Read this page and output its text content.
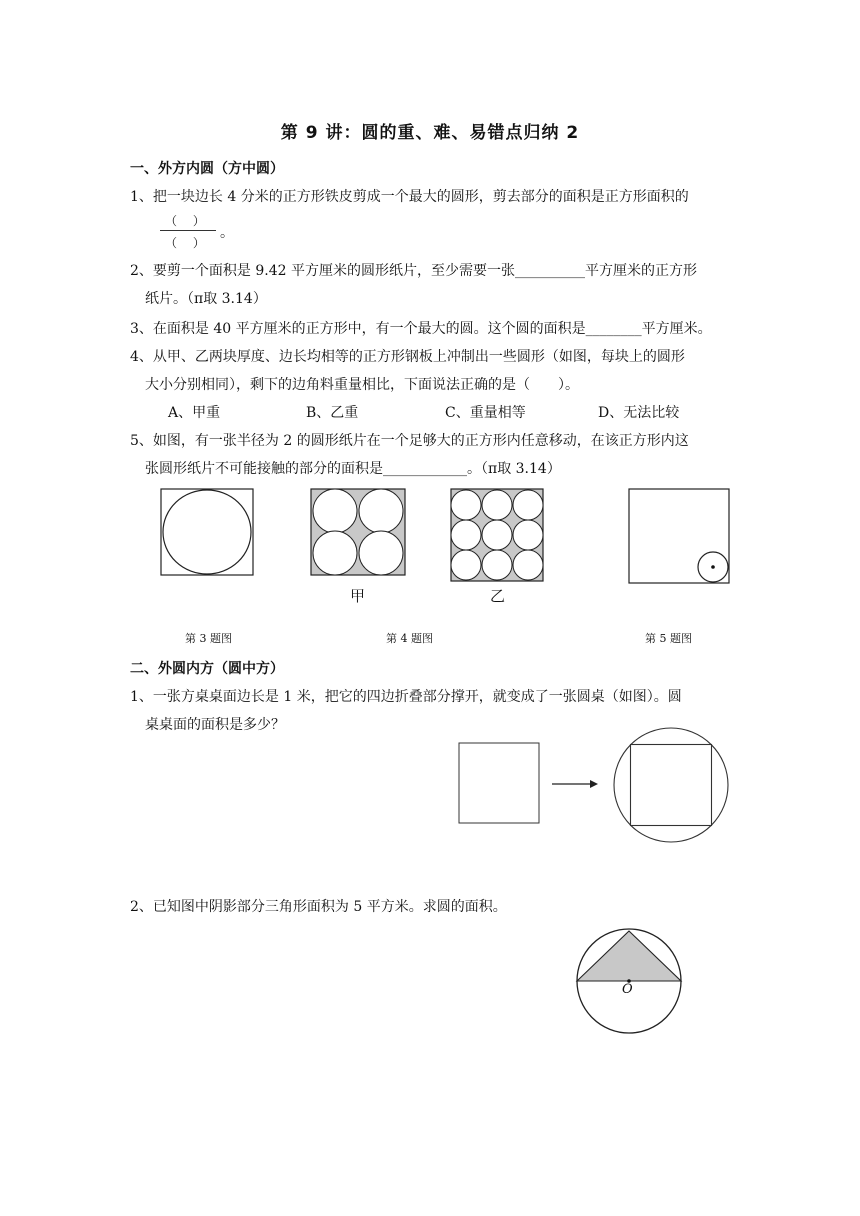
第 9 讲：圆的重、难、易错点归纳 2
一、外方内圆（方中圆）
1、把一块边长 4 分米的正方形铁皮剪成一个最大的圆形，剪去部分的面积是正方形面积的
（　 ）
（　 ）
。
2、要剪一个面积是 9.42 平方厘米的圆形纸片，至少需要一张__________平方厘米的正方形
纸片。（π取 3.14）
3、在面积是 40 平方厘米的正方形中，有一个最大的圆。这个圆的面积是________平方厘米。
4、从甲、乙两块厚度、边长均相等的正方形钢板上冲制出一些圆形（如图，每块上的圆形
大小分别相同），剩下的边角料重量相比，下面说法正确的是（　　）。
A、甲重	B、乙重	C、重量相等	D、无法比较
5、如图，有一张半径为 2 的圆形纸片在一个足够大的正方形内任意移动，在该正方形内这
张圆形纸片不可能接触的部分的面积是____________。（π取 3.14）
甲	乙
第 3 题图	第 4 题图	第 5 题图
二、外圆内方（圆中方）
1、一张方桌桌面边长是 1 米，把它的四边折叠部分撑开，就变成了一张圆桌（如图）。圆
桌桌面的面积是多少？
2、已知图中阴影部分三角形面积为 5 平方米。求圆的面积。
O
